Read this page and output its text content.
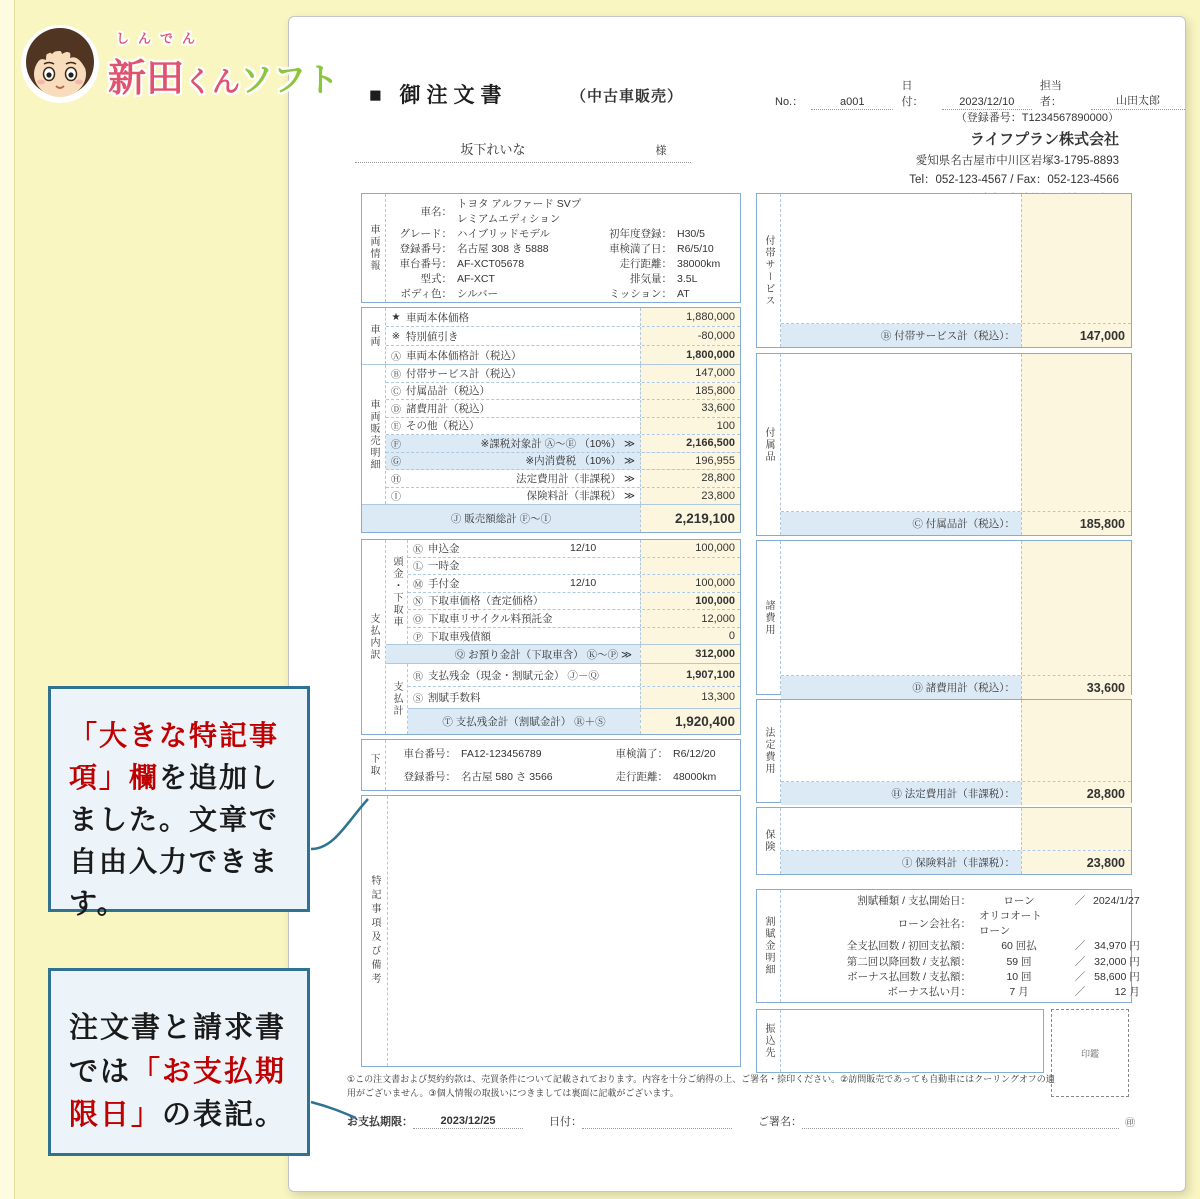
しんでん
新田くんソフト
「大きな特記事項」欄を追加しました。文章で自由入力できます。
注文書と請求書では「お支払期限日」の表記。
■ 御注文書	（中古車販売）	No.：	a001
日付：	2023/12/10
担当者：	山田太郎
（登録番号：T1234567890000）
ライフプラン株式会社
愛知県名古屋市中川区岩塚3-1795-8893
Tel：052-123-4567 / Fax：052-123-4566
坂下れいな	様
車両情報
車名：
トヨタ アルファード SVプレミアムエディション
グレード： ハイブリッドモデル	初年度登録： H30/5
登録番号： 名古屋 308 き 5888	車検満了日： R6/5/10
車台番号： AF-XCT05678	走行距離： 38000km
型式： AF-XCT	排気量： 3.5L
ボディ色： シルバー	ミッション： AT
車両
★ 車両本体価格	1,880,000
※ 特別値引き	-80,000
Ⓐ 車両本体価格計（税込）	1,800,000
車両販売明細
Ⓑ 付帯サービス計（税込）	147,000
Ⓒ 付属品計（税込）	185,800
Ⓓ 諸費用計（税込）	33,600
Ⓔ その他（税込）	100
Ⓕ	※課税対象計 Ⓐ～Ⓔ （10%） ≫	2,166,500
Ⓖ	※内消費税 （10%） ≫	196,955
Ⓗ	法定費用計（非課税） ≫	28,800
Ⓘ	保険料計（非課税） ≫	23,800
Ⓙ 販売額総計 Ⓕ～Ⓘ	2,219,100
支払内訳
頭金・下取車
Ⓚ 申込金	12/10	100,000
Ⓛ 一時金
Ⓜ 手付金	12/10	100,000
Ⓝ 下取車価格（査定価格）	100,000
Ⓞ 下取車リサイクル料預託金	12,000
Ⓟ 下取車残債額	0
Ⓠ お預り金計（下取車含） Ⓚ～Ⓟ ≫	312,000
支払計
Ⓡ 支払残金（現金・割賦元金） Ⓙ－Ⓠ	1,907,100
Ⓢ 割賦手数料	13,300
Ⓣ 支払残金計（割賦金計） Ⓡ＋Ⓢ	1,920,400
下取	車台番号： FA12-123456789	車検満了： R6/12/20
登録番号： 名古屋 580 さ 3566	走行距離： 48000km
特記事項及び備考
付帯サービス
Ⓑ 付帯サービス計（税込）：	147,000
付属品
Ⓒ 付属品計（税込）：	185,800
諸費用
Ⓓ 諸費用計（税込）：	33,600
法定費用
Ⓗ 法定費用計（非課税）：	28,800
保険
Ⓘ 保険料計（非課税）：	23,800
割賦金明細
割賦種類 / 支払開始日：	ローン	／ 2024/1/27
ローン会社名：
オリコオートローン
全支払回数 / 初回支払額：	60 回払	／ 34,970 円
第二回以降回数 / 支払額：	59 回	／ 32,000 円
ボーナス払回数 / 支払額：	10 回	／ 58,600 円
ボーナス払い月：	7 月	／	12 月
振込先	印鑑
①この注文書および契約約款は、売買条件について記載されております。内容を十分ご納得の上、ご署名・捺印ください。②訪問販売であっても自動車にはクーリングオフの適用がございません。③個人情報の取扱いにつきましては裏面に記載がございます。
お支払期限：	2023/12/25	日付：	ご署名：	㊞
